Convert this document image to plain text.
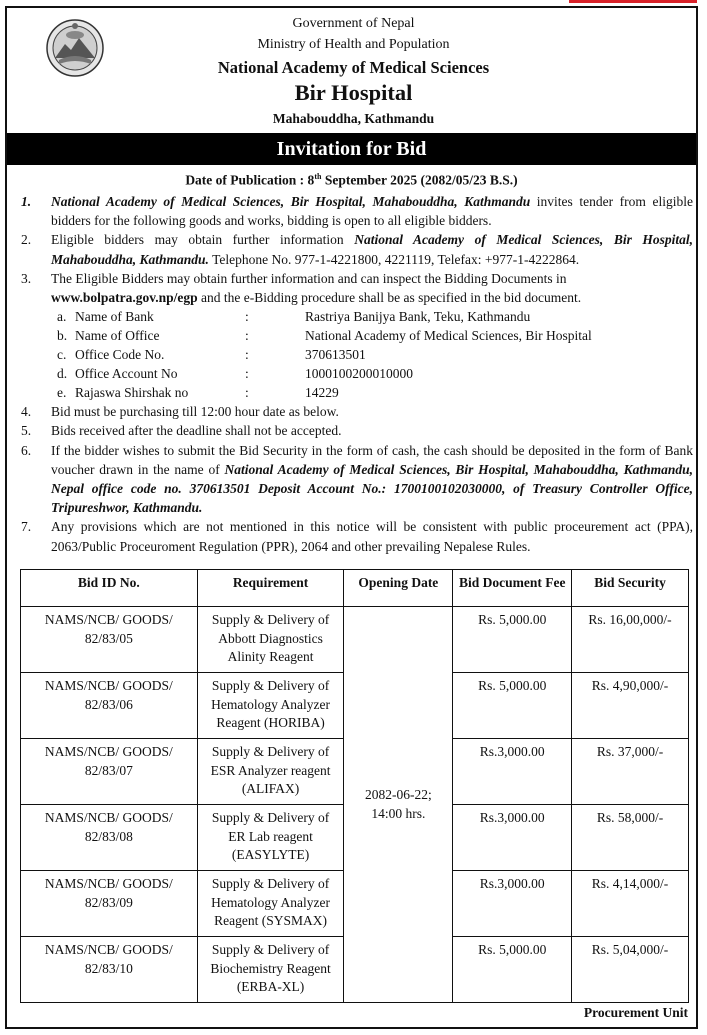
Government of Nepal
Ministry of Health and Population
National Academy of Medical Sciences
Bir Hospital
Mahabouddha, Kathmandu
Invitation for Bid
Date of Publication : 8th September 2025 (2082/05/23 B.S.)
1. National Academy of Medical Sciences, Bir Hospital, Mahabouddha, Kathmandu invites tender from eligible bidders for the following goods and works, bidding is open to all eligible bidders.
2. Eligible bidders may obtain further information National Academy of Medical Sciences, Bir Hospital, Mahabouddha, Kathmandu. Telephone No. 977-1-4221800, 4221119, Telefax: +977-1-4222864.
3. The Eligible Bidders may obtain further information and can inspect the Bidding Documents in
www.bolpatra.gov.np/egp and the e-Bidding procedure shall be as specified in the bid document.
a. Name of Bank	:	Rastriya Banijya Bank, Teku, Kathmandu
b. Name of Office	:	National Academy of Medical Sciences, Bir Hospital
c. Office Code No.	:	370613501
d. Office Account No	:	1000100200010000
e. Rajaswa Shirshak no	:	14229
4. Bid must be purchasing till 12:00 hour date as below.
5. Bids received after the deadline shall not be accepted.
6. If the bidder wishes to submit the Bid Security in the form of cash, the cash should be deposited in the form of Bank voucher drawn in the name of National Academy of Medical Sciences, Bir Hospital, Mahabouddha, Kathmandu, Nepal office code no. 370613501 Deposit Account No.: 1700100102030000, of Treasury Controller Office, Tripureshwor, Kathmandu.
7. Any provisions which are not mentioned in this notice will be consistent with public proceurement act (PPA), 2063/Public Proceuroment Regulation (PPR), 2064 and other prevailing Nepalese Rules.
Bid ID No.	Requirement	Opening Date	Bid Document Fee	Bid Security
NAMS/NCB/ GOODS/
82/83/05	Supply & Delivery of
Abbott Diagnostics
Alinity Reagent	2082-06-22;
14:00 hrs.	Rs. 5,000.00	Rs. 16,00,000/-
NAMS/NCB/ GOODS/
82/83/06	Supply & Delivery of
Hematology Analyzer
Reagent (HORIBA)		Rs. 5,000.00	Rs. 4,90,000/-
NAMS/NCB/ GOODS/
82/83/07	Supply & Delivery of
ESR Analyzer reagent
(ALIFAX)		Rs.3,000.00	Rs. 37,000/-
NAMS/NCB/ GOODS/
82/83/08	Supply & Delivery of
ER Lab reagent
(EASYLYTE)		Rs.3,000.00	Rs. 58,000/-
NAMS/NCB/ GOODS/
82/83/09	Supply & Delivery of
Hematology Analyzer
Reagent (SYSMAX)		Rs.3,000.00	Rs. 4,14,000/-
NAMS/NCB/ GOODS/
82/83/10	Supply & Delivery of
Biochemistry Reagent
(ERBA-XL)		Rs. 5,000.00	Rs. 5,04,000/-
Procurement Unit
